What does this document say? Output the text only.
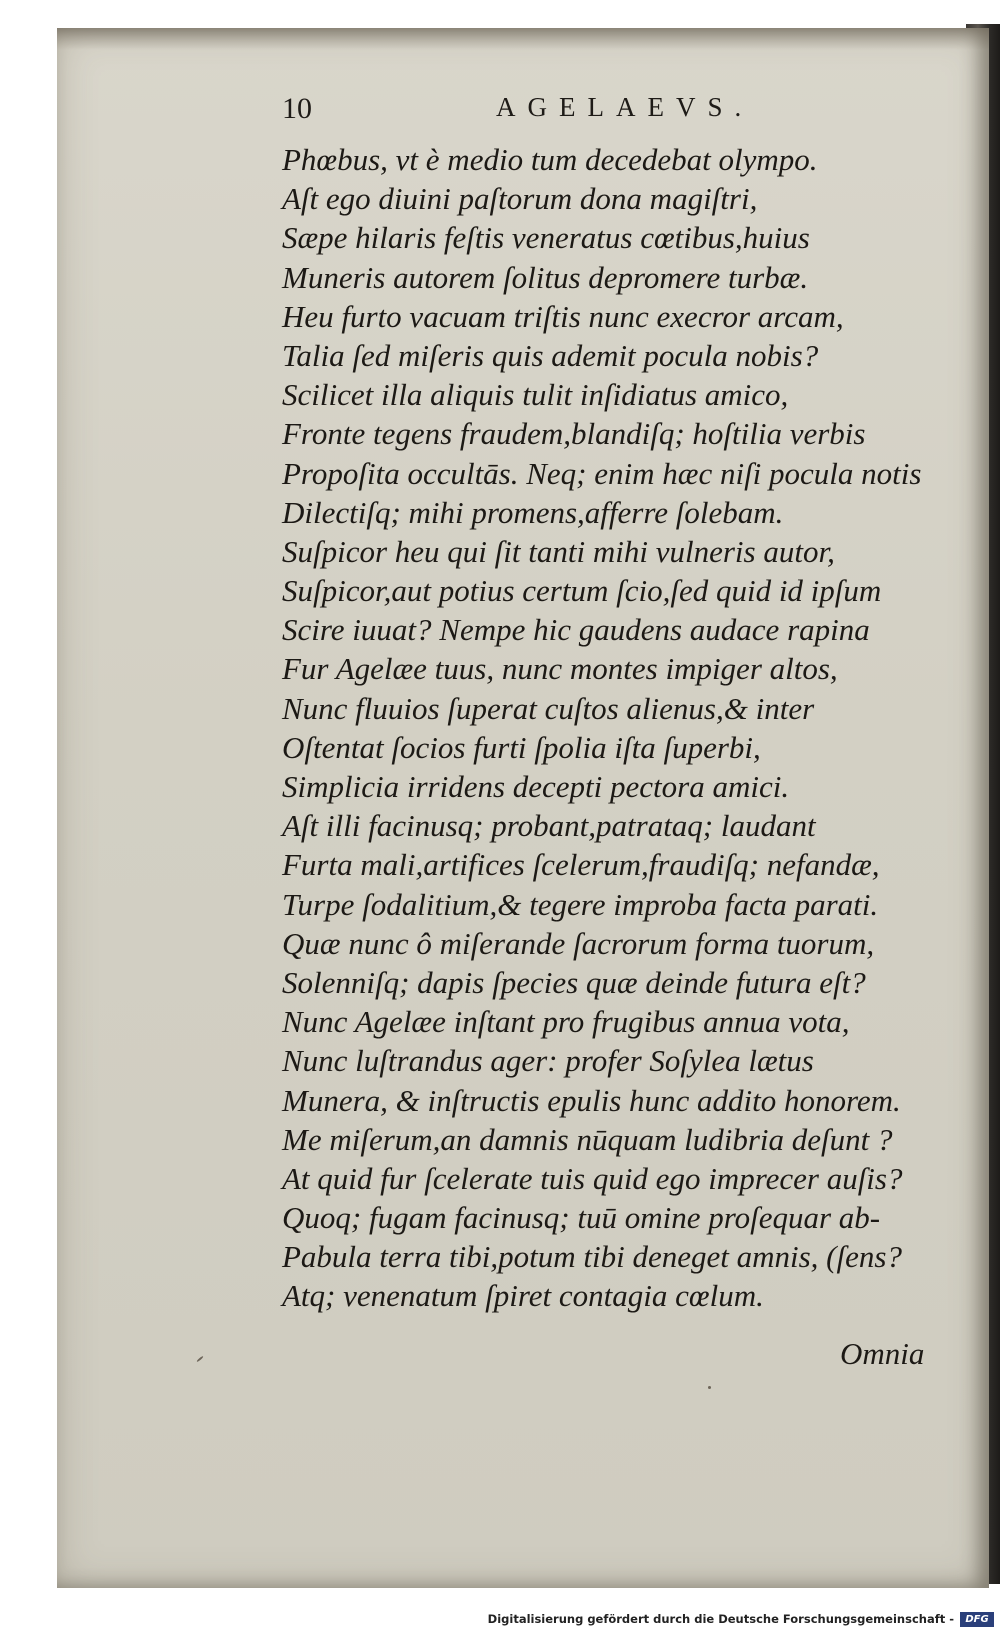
10	AGELAEVS.
Phœbus, vt è medio tum decedebat olympo.
Aſt ego diuini paſtorum dona magiſtri,
Sæpe hilaris feſtis veneratus cœtibus,huius
Muneris autorem ſolitus depromere turbæ.
Heu furto vacuam triſtis nunc execror arcam,
Talia ſed miſeris quis ademit pocula nobis?
Scilicet illa aliquis tulit inſidiatus amico,
Fronte tegens fraudem,blandiſq; hoſtilia verbis
Propoſita occultās. Neq; enim hæc niſi pocula notis
Dilectiſq; mihi promens,afferre ſolebam.
Suſpicor heu qui ſit tanti mihi vulneris autor,
Suſpicor,aut potius certum ſcio,ſed quid id ipſum
Scire iuuat? Nempe hic gaudens audace rapina
Fur Agelæe tuus, nunc montes impiger altos,
Nunc fluuios ſuperat cuſtos alienus,& inter
Oſtentat ſocios furti ſpolia iſta ſuperbi,
Simplicia irridens decepti pectora amici.
Aſt illi facinusq; probant,patrataq; laudant
Furta mali,artifices ſcelerum,fraudiſq; nefandæ,
Turpe ſodalitium,& tegere improba facta parati.
Quæ nunc ô miſerande ſacrorum forma tuorum,
Solenniſq; dapis ſpecies quæ deinde futura eſt?
Nunc Agelæe inſtant pro frugibus annua vota,
Nunc luſtrandus ager: profer Soſylea lætus
Munera, & inſtructis epulis hunc addito honorem.
Me miſerum,an damnis nūquam ludibria deſunt ?
At quid fur ſcelerate tuis quid ego imprecer auſis?
Quoq; fugam facinusq; tuū omine proſequar ab-
Pabula terra tibi,potum tibi deneget amnis, (ſens?
Atq; venenatum ſpiret contagia cœlum.
Omnia
Digitalisierung gefördert durch die Deutsche Forschungsgemeinschaft -	DFG
